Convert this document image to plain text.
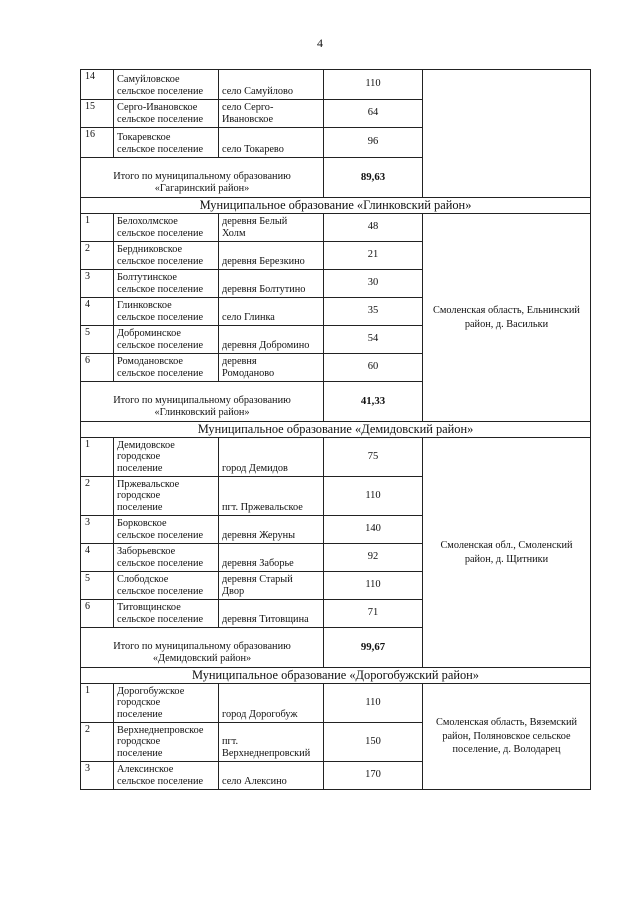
4
14	Самуйловское
сельское поселение	село Самуйлово	110	
15	Серго-Ивановское
сельское поселение	село Серго-
Ивановское	64	
16	Токаревское
сельское поселение	село Токарево	96	

Итого по муниципальному образованию
«Гагаринский район»			89,63	
Муниципальное образование «Глинковский район»				
1	Белохолмское
сельское поселение	деревня Белый
Холм	48	Смоленская область, Ельнинский
район, д. Васильки

2	Бердниковское
сельское поселение	деревня Березкино	21	
3	Болтутинское
сельское поселение	деревня Болтутино	30	
4	Глинковское
сельское поселение	село Глинка	35	
5	Доброминское
сельское поселение	деревня Добромино	54	
6	Ромодановское
сельское поселение	деревня
Ромоданово	60	

Итого по муниципальному образованию
«Глинковский район»			41,33	
Муниципальное образование «Демидовский район»				
1	Демидовское
городское
поселение	город Демидов	75	Смоленская обл., Смоленский
район, д. Щитники

2	Пржевальское
городское
поселение	пгт. Пржевальское	110	
3	Борковское
сельское поселение	деревня Жеруны	140	
4	Заборьевское
сельское поселение	деревня Заборье	92	
5	Слободское
сельское поселение	деревня Старый
Двор	110	
6	Титовщинское
сельское поселение	деревня Титовщина	71	

Итого по муниципальному образованию
«Демидовский район»			99,67	
Муниципальное образование «Дорогобужский район»				
1	Дорогобужское
городское
поселение	город Дорогобуж	110	Смоленская область, Вяземский
район, Поляновское сельское
поселение, д. Володарец

2	Верхнеднепровское
городское
поселение	пгт.
Верхнеднепровский	150	
3	Алексинское
сельское поселение	село Алексино	170	
